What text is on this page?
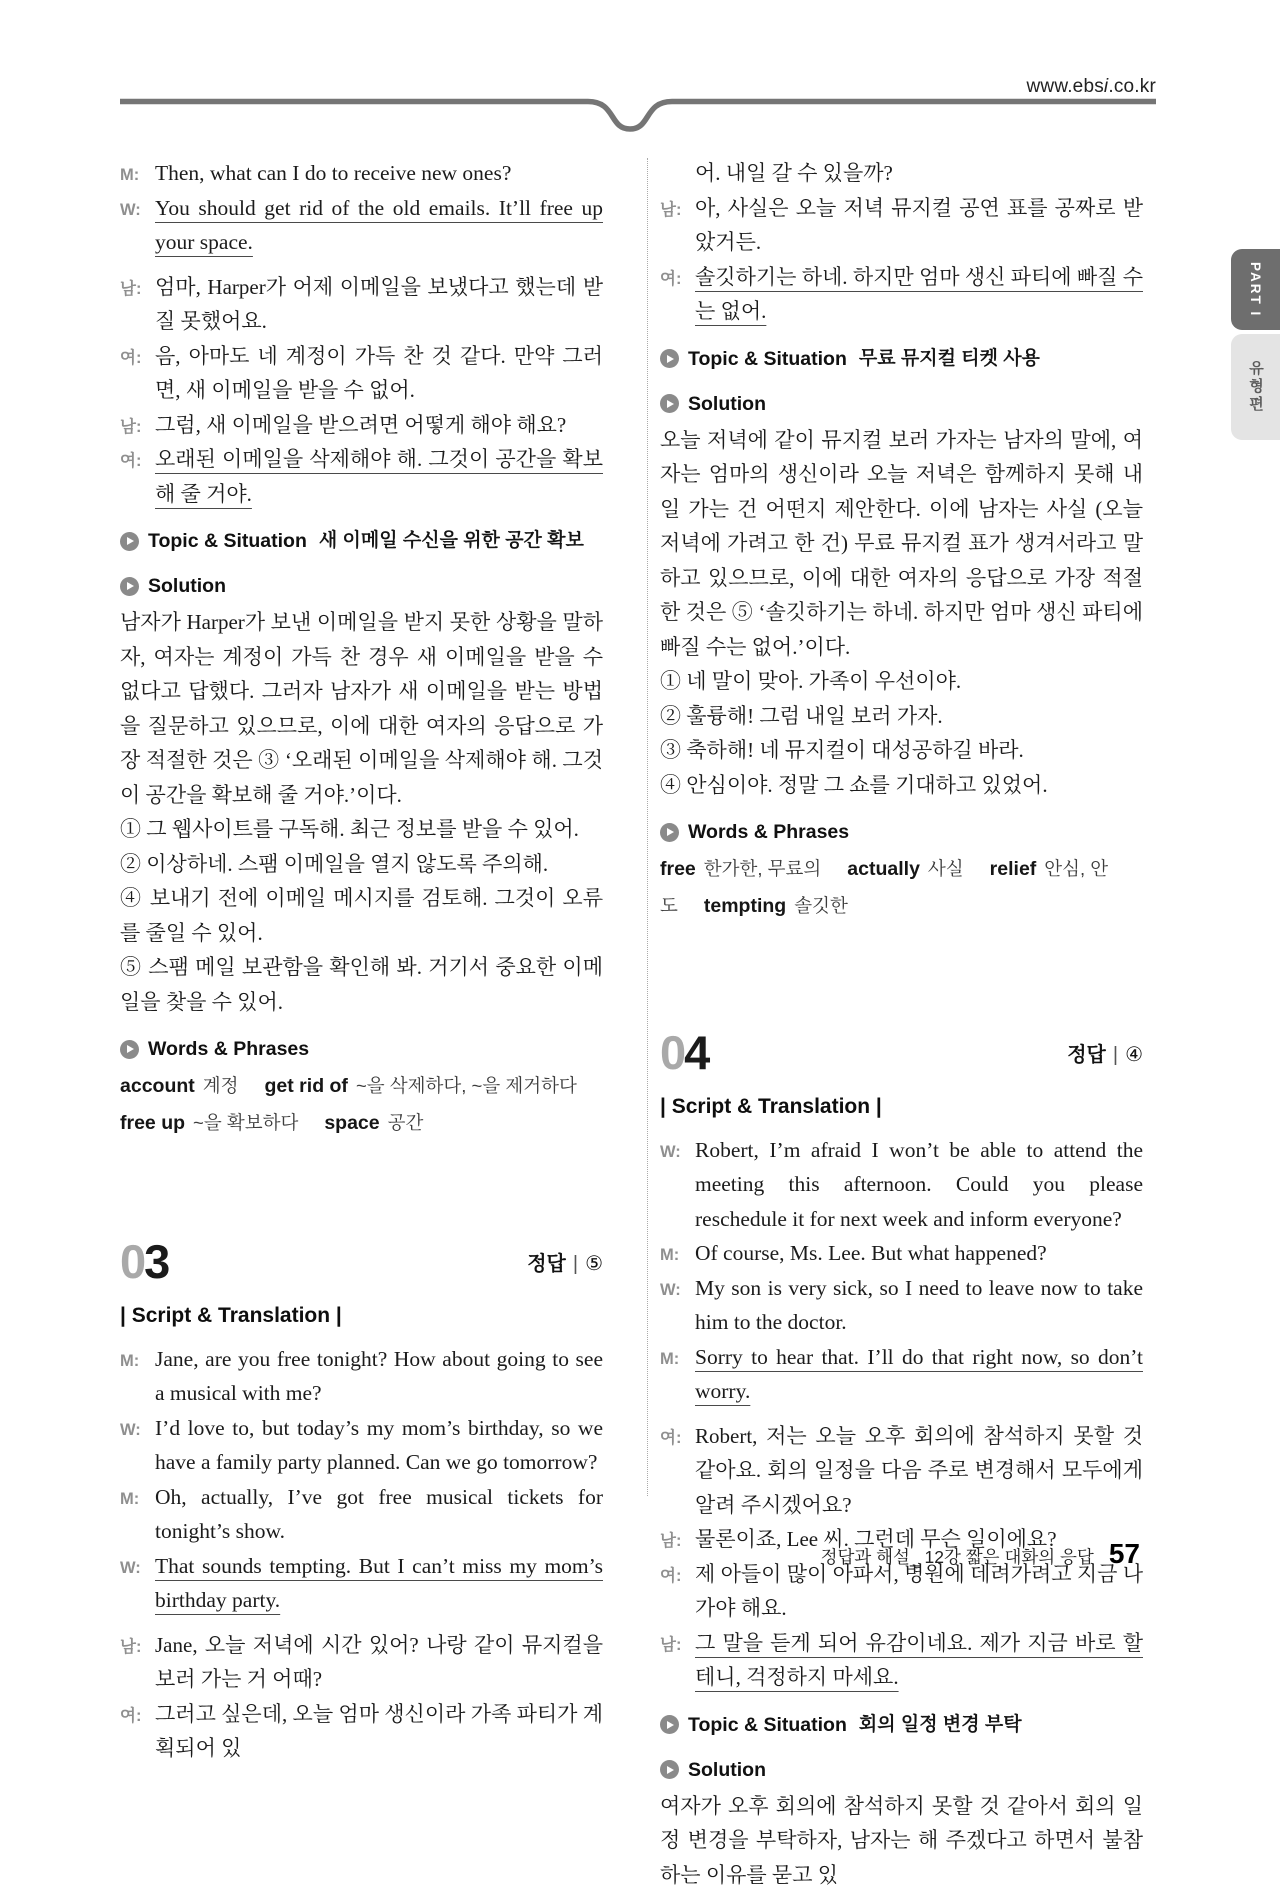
www.ebsi.co.kr
PART I
유형편
M: Then, what can I do to receive new ones?
W: You should get rid of the old emails. It’ll free up your space.
남: 엄마, Harper가 어제 이메일을 보냈다고 했는데 받질 못했어요.
여: 음, 아마도 네 계정이 가득 찬 것 같다. 만약 그러면, 새 이메일을 받을 수 없어.
남: 그럼, 새 이메일을 받으려면 어떻게 해야 해요?
여: 오래된 이메일을 삭제해야 해. 그것이 공간을 확보해 줄 거야.
Topic & Situation 새 이메일 수신을 위한 공간 확보
Solution
남자가 Harper가 보낸 이메일을 받지 못한 상황을 말하자, 여자는 계정이 가득 찬 경우 새 이메일을 받을 수 없다고 답했다. 그러자 남자가 새 이메일을 받는 방법을 질문하고 있으므로, 이에 대한 여자의 응답으로 가장 적절한 것은 ③ ‘오래된 이메일을 삭제해야 해. 그것이 공간을 확보해 줄 거야.’이다.
① 그 웹사이트를 구독해. 최근 정보를 받을 수 있어.
② 이상하네. 스팸 이메일을 열지 않도록 주의해.
④ 보내기 전에 이메일 메시지를 검토해. 그것이 오류를 줄일 수 있어.
⑤ 스팸 메일 보관함을 확인해 봐. 거기서 중요한 이메일을 찾을 수 있어.
Words & Phrases
account 계정 get rid of ~을 삭제하다, ~을 제거하다free up ~을 확보하다 space 공간
03	정답 | ⑤
| Script & Translation |
M: Jane, are you free tonight? How about going to see a musical with me?
W: I’d love to, but today’s my mom’s birthday, so we have a family party planned. Can we go tomorrow?
M: Oh, actually, I’ve got free musical tickets for tonight’s show.
W: That sounds tempting. But I can’t miss my mom’s birthday party.
남: Jane, 오늘 저녁에 시간 있어? 나랑 같이 뮤지컬을 보러 가는 거 어때?
여: 그러고 싶은데, 오늘 엄마 생신이라 가족 파티가 계획되어 있
어. 내일 갈 수 있을까?
남: 아, 사실은 오늘 저녁 뮤지컬 공연 표를 공짜로 받았거든.
여: 솔깃하기는 하네. 하지만 엄마 생신 파티에 빠질 수는 없어.
Topic & Situation 무료 뮤지컬 티켓 사용
Solution
오늘 저녁에 같이 뮤지컬 보러 가자는 남자의 말에, 여자는 엄마의 생신이라 오늘 저녁은 함께하지 못해 내일 가는 건 어떤지 제안한다. 이에 남자는 사실 (오늘 저녁에 가려고 한 건) 무료 뮤지컬 표가 생겨서라고 말하고 있으므로, 이에 대한 여자의 응답으로 가장 적절한 것은 ⑤ ‘솔깃하기는 하네. 하지만 엄마 생신 파티에 빠질 수는 없어.’이다.
① 네 말이 맞아. 가족이 우선이야.
② 훌륭해! 그럼 내일 보러 가자.
③ 축하해! 네 뮤지컬이 대성공하길 바라.
④ 안심이야. 정말 그 쇼를 기대하고 있었어.
Words & Phrases
free 한가한, 무료의 actually 사실 relief 안심, 안도 tempting 솔깃한
04	정답 | ④
| Script & Translation |
W: Robert, I’m afraid I won’t be able to attend the meeting this afternoon. Could you please reschedule it for next week and inform everyone?
M: Of course, Ms. Lee. But what happened?
W: My son is very sick, so I need to leave now to take him to the doctor.
M: Sorry to hear that. I’ll do that right now, so don’t worry.
여: Robert, 저는 오늘 오후 회의에 참석하지 못할 것 같아요. 회의 일정을 다음 주로 변경해서 모두에게 알려 주시겠어요?
남: 물론이죠, Lee 씨. 그런데 무슨 일이에요?
여: 제 아들이 많이 아파서, 병원에 데려가려고 지금 나가야 해요.
남: 그 말을 듣게 되어 유감이네요. 제가 지금 바로 할 테니, 걱정하지 마세요.
Topic & Situation 회의 일정 변경 부탁
Solution
여자가 오후 회의에 참석하지 못할 것 같아서 회의 일정 변경을 부탁하자, 남자는 해 주겠다고 하면서 불참하는 이유를 묻고 있
정답과 해설_ 12강 짧은 대화의 응답 57
